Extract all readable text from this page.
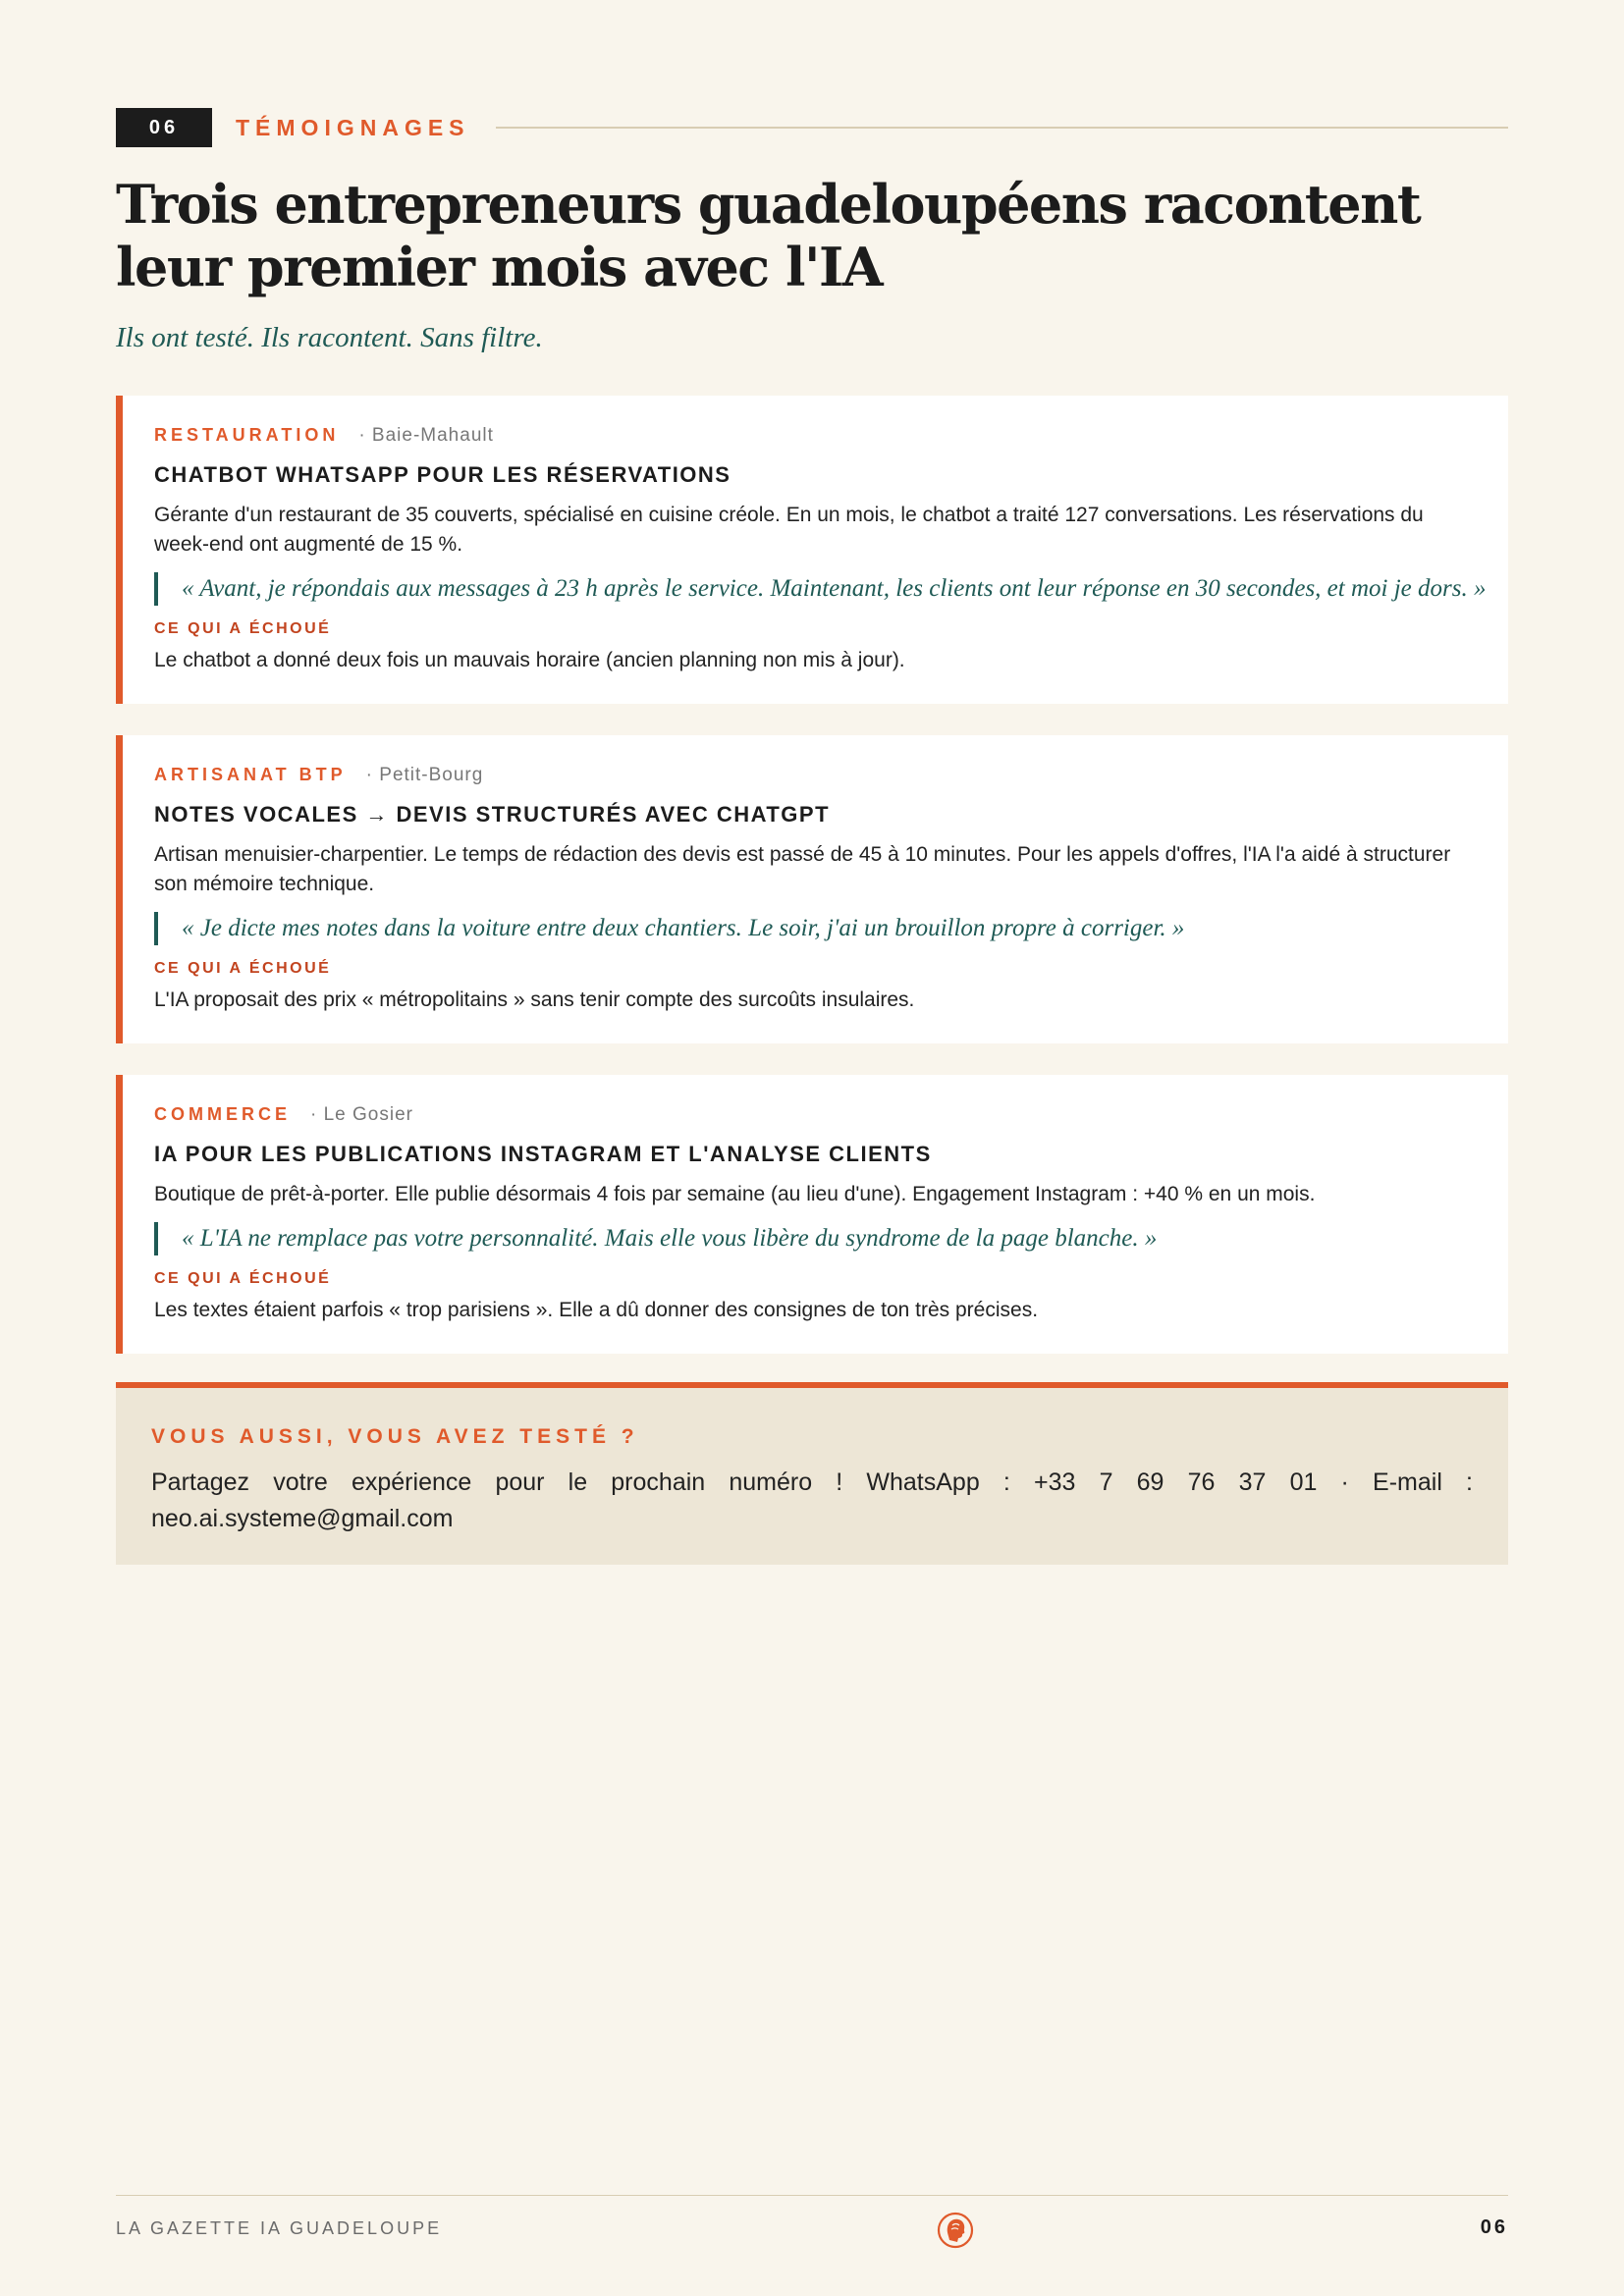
06	TÉMOIGNAGES
Trois entrepreneurs guadeloupéens racontent leur premier mois avec l'IA
Ils ont testé. Ils racontent. Sans filtre.
RESTAURATION · Baie-Mahault
CHATBOT WHATSAPP POUR LES RÉSERVATIONS
Gérante d'un restaurant de 35 couverts, spécialisé en cuisine créole. En un mois, le chatbot a traité 127 conversations. Les réservations du week-end ont augmenté de 15 %.
« Avant, je répondais aux messages à 23 h après le service. Maintenant, les clients ont leur réponse en 30 secondes, et moi je dors. »
CE QUI A ÉCHOUÉ
Le chatbot a donné deux fois un mauvais horaire (ancien planning non mis à jour).
ARTISANAT BTP · Petit-Bourg
NOTES VOCALES → DEVIS STRUCTURÉS AVEC CHATGPT
Artisan menuisier-charpentier. Le temps de rédaction des devis est passé de 45 à 10 minutes. Pour les appels d'offres, l'IA l'a aidé à structurer son mémoire technique.
« Je dicte mes notes dans la voiture entre deux chantiers. Le soir, j'ai un brouillon propre à corriger. »
CE QUI A ÉCHOUÉ
L'IA proposait des prix « métropolitains » sans tenir compte des surcoûts insulaires.
COMMERCE · Le Gosier
IA POUR LES PUBLICATIONS INSTAGRAM ET L'ANALYSE CLIENTS
Boutique de prêt-à-porter. Elle publie désormais 4 fois par semaine (au lieu d'une). Engagement Instagram : +40 % en un mois.
« L'IA ne remplace pas votre personnalité. Mais elle vous libère du syndrome de la page blanche. »
CE QUI A ÉCHOUÉ
Les textes étaient parfois « trop parisiens ». Elle a dû donner des consignes de ton très précises.
VOUS AUSSI, VOUS AVEZ TESTÉ ?
Partagez votre expérience pour le prochain numéro ! WhatsApp : +33 7 69 76 37 01 · E-mail : neo.ai.systeme@gmail.com
LA GAZETTE IA GUADELOUPE	06
